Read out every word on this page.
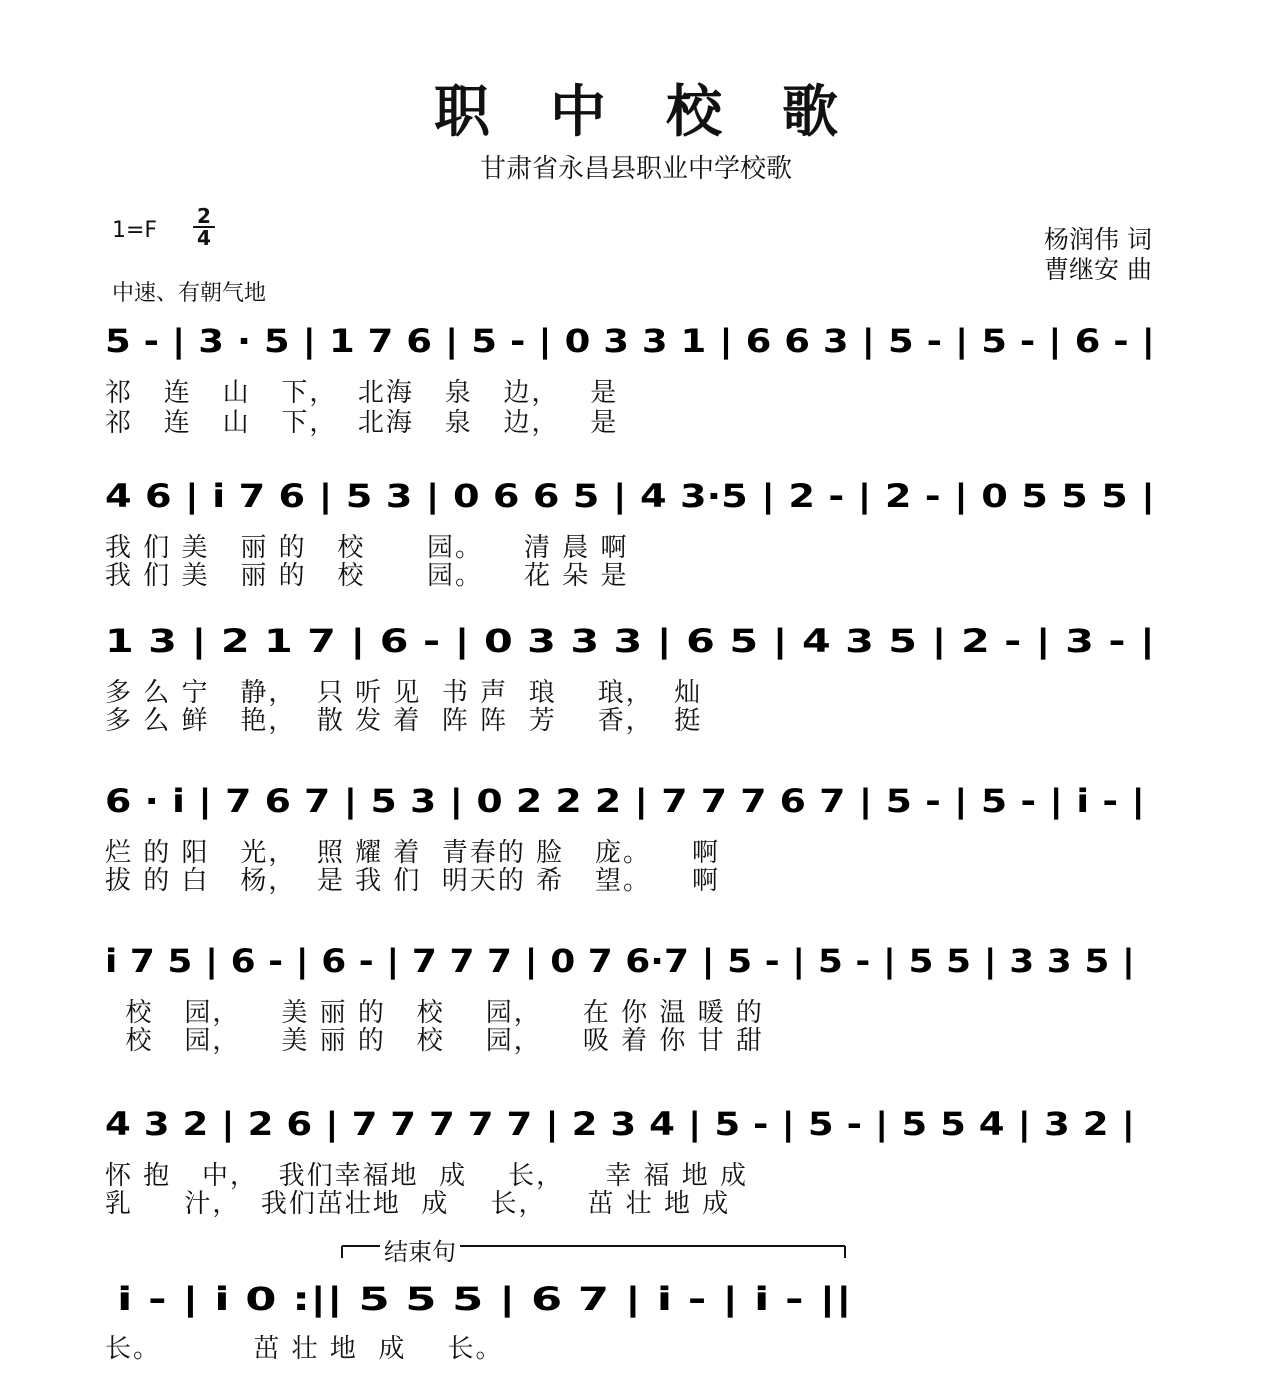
职中校歌
甘肃省永昌县职业中学校歌
1=F
2
4	杨润伟 词
曹继安 曲
中速、有朝气地
5 - | 3 · 5 | 1 7 6 | 5 - | 0 3 3 1 | 6 6 3 | 5 - | 5 - | 6 - |
祁   连   山   下，  北海   泉   边，   是
祁   连   山   下，  北海   泉   边，   是
4 6 | i 7 6 | 5 3 | 0 6 6 5 | 4 3·5 | 2 - | 2 - | 0 5 5 5 |
我 们 美   丽 的   校      园。    清 晨 啊
我 们 美   丽 的   校      园。    花 朵 是
1 3 | 2 1 7 | 6 - | 0 3 3 3 | 6 5 | 4 3 5 | 2 - | 3 - |
多 么 宁   静，  只 听 见  书 声  琅    琅，  灿
多 么 鲜   艳，  散 发 着  阵 阵  芳    香，  挺
6 · i | 7 6 7 | 5 3 | 0 2 2 2 | 7 7 7 6 7 | 5 - | 5 - | i - |
烂 的 阳   光，  照 耀 着  青春的 脸   庞。    啊
拔 的 白   杨，  是 我 们  明天的 希   望。    啊
i 7 5 | 6 - | 6 - | 7 7 7 | 0 7 6·7 | 5 - | 5 - | 5 5 | 3 3 5 |
校   园，    美 丽 的   校    园，    在 你 温 暖 的
校   园，    美 丽 的   校    园，    吸 着 你 甘 甜
4 3 2 | 2 6 | 7 7 7 7 7 | 2 3 4 | 5 - | 5 - | 5 5 4 | 3 2 |
怀 抱   中，  我们幸福地  成    长，    幸 福 地 成
乳     汁，  我们茁壮地  成    长，    茁 壮 地 成
结束句
i - | i 0 :|| 5 5 5 | 6 7 | i - | i - ||
长。         茁 壮 地  成    长。
